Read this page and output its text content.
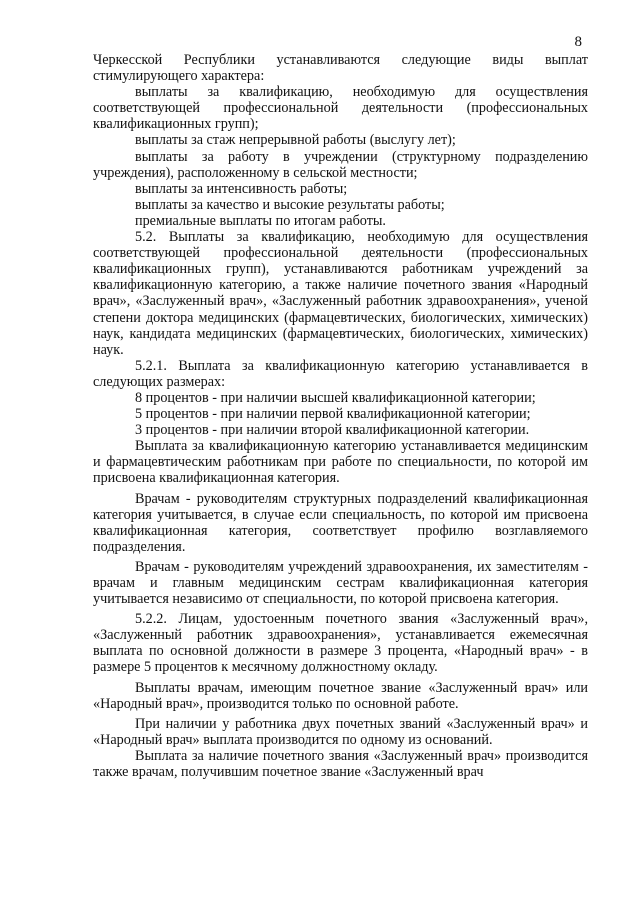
8

Черкесской Республики устанавливаются следующие виды выплат стимулирующего характера:

выплаты за квалификацию, необходимую для осуществления соответствующей профессиональной деятельности (профессиональных квалификационных групп);

выплаты за стаж непрерывной работы (выслугу лет);

выплаты за работу в учреждении (структурному подразделению учреждения), расположенному в сельской местности;

выплаты за интенсивность работы;

выплаты за качество и высокие результаты работы;

премиальные выплаты по итогам работы.

5.2. Выплаты за квалификацию, необходимую для осуществления соответствующей профессиональной деятельности (профессиональных квалификационных групп), устанавливаются работникам учреждений за квалификационную категорию, а также наличие почетного звания «Народный врач», «Заслуженный врач», «Заслуженный работник здравоохранения», ученой степени доктора медицинских (фармацевтических, биологических, химических) наук, кандидата медицинских (фармацевтических, биологических, химических) наук.

5.2.1. Выплата за квалификационную категорию устанавливается в следующих размерах:

8 процентов - при наличии высшей квалификационной категории;

5 процентов - при наличии первой квалификационной категории;

3 процентов - при наличии второй квалификационной категории.

Выплата за квалификационную категорию устанавливается медицинским и фармацевтическим работникам при работе по специальности, по которой им присвоена квалификационная категория.

Врачам - руководителям структурных подразделений квалификационная категория учитывается, в случае если специальность, по которой им присвоена квалификационная категория, соответствует профилю возглавляемого подразделения.

Врачам - руководителям учреждений здравоохранения, их заместителям - врачам и главным медицинским сестрам квалификационная категория учитывается независимо от специальности, по которой присвоена категория.

5.2.2. Лицам, удостоенным почетного звания «Заслуженный врач», «Заслуженный работник здравоохранения», устанавливается ежемесячная выплата по основной должности в размере 3 процента, «Народный врач» - в размере 5 процентов к месячному должностному окладу.

Выплаты врачам, имеющим почетное звание «Заслуженный врач» или «Народный врач», производится только по основной работе.

При наличии у работника двух почетных званий «Заслуженный врач» и «Народный врач» выплата производится по одному из оснований.

Выплата за наличие почетного звания «Заслуженный врач» производится также врачам, получившим почетное звание «Заслуженный врач
